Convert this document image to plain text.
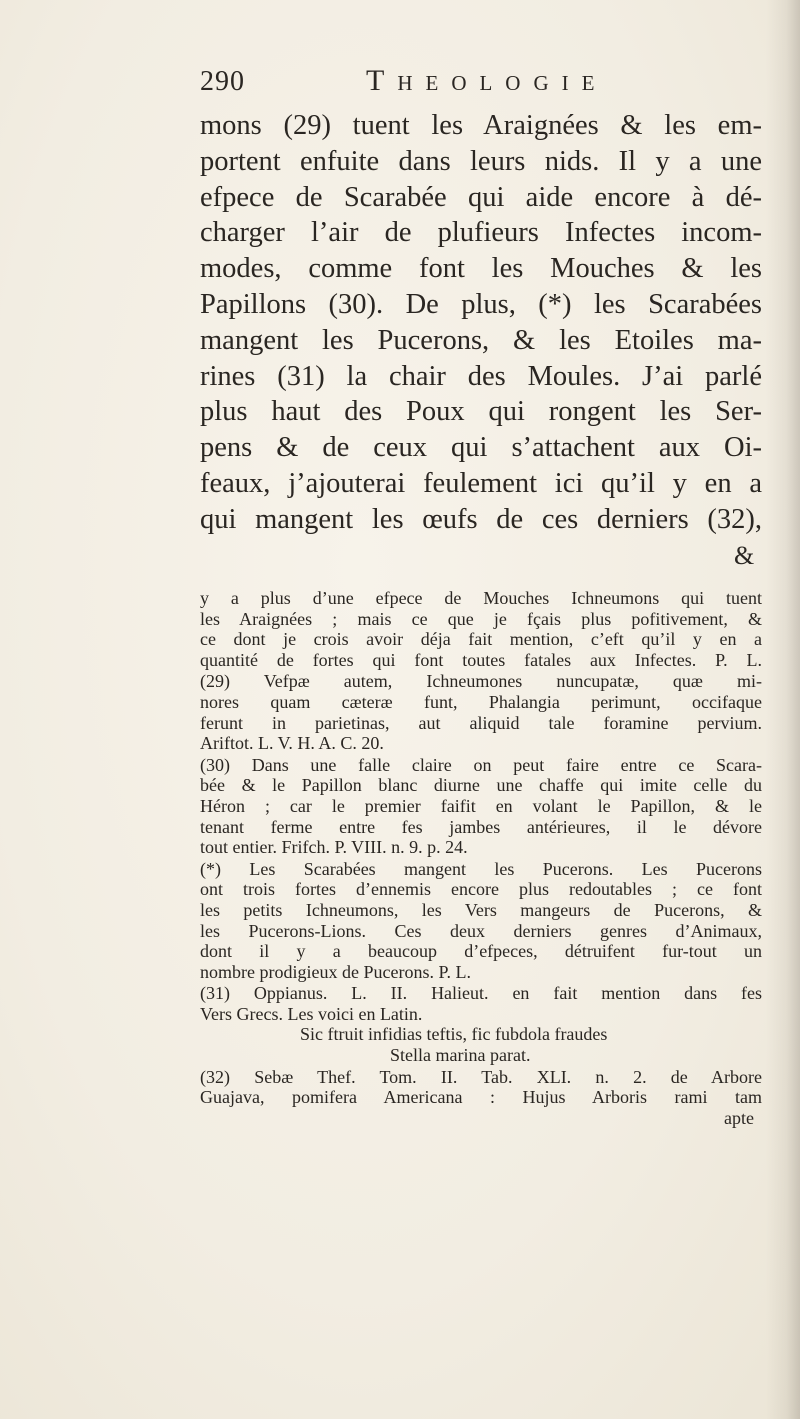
290	Theologie
mons (29) tuent les Araignées & les em-
portent enfuite dans leurs nids. Il y a une
efpece de Scarabée qui aide encore à dé-
charger l’air de plufieurs Infectes incom-
modes, comme font les Mouches & les
Papillons (30). De plus, (*) les Scarabées
mangent les Pucerons, & les Etoiles ma-
rines (31) la chair des Moules. J’ai parlé
plus haut des Poux qui rongent les Ser-
pens & de ceux qui s’attachent aux Oi-
feaux, j’ajouterai feulement ici qu’il y en a
qui mangent les œufs de ces derniers (32),
&
y a plus d’une efpece de Mouches Ichneumons qui tuent
les Araignées ; mais ce que je fçais plus pofitivement, &
ce dont je crois avoir déja fait mention, c’eft qu’il y en a
quantité de fortes qui font toutes fatales aux Infectes. P. L.
(29) Vefpæ autem, Ichneumones nuncupatæ, quæ mi-
nores quam cæteræ funt, Phalangia perimunt, occifaque
ferunt in parietinas, aut aliquid tale foramine pervium.
Ariftot. L. V. H. A. C. 20.
(30) Dans une falle claire on peut faire entre ce Scara-
bée & le Papillon blanc diurne une chaffe qui imite celle du
Héron ; car le premier faifit en volant le Papillon, & le
tenant ferme entre fes jambes antérieures, il le dévore
tout entier. Frifch. P. VIII. n. 9. p. 24.
(*) Les Scarabées mangent les Pucerons. Les Pucerons
ont trois fortes d’ennemis encore plus redoutables ; ce font
les petits Ichneumons, les Vers mangeurs de Pucerons, &
les Pucerons-Lions. Ces deux derniers genres d’Animaux,
dont il y a beaucoup d’efpeces, détruifent fur-tout un
nombre prodigieux de Pucerons. P. L.
(31) Oppianus. L. II. Halieut. en fait mention dans fes
Vers Grecs. Les voici en Latin.
Sic ftruit infidias teftis, fic fubdola fraudes
Stella marina parat.
(32) Sebæ Thef. Tom. II. Tab. XLI. n. 2. de Arbore
Guajava, pomifera Americana : Hujus Arboris rami tam
apte
